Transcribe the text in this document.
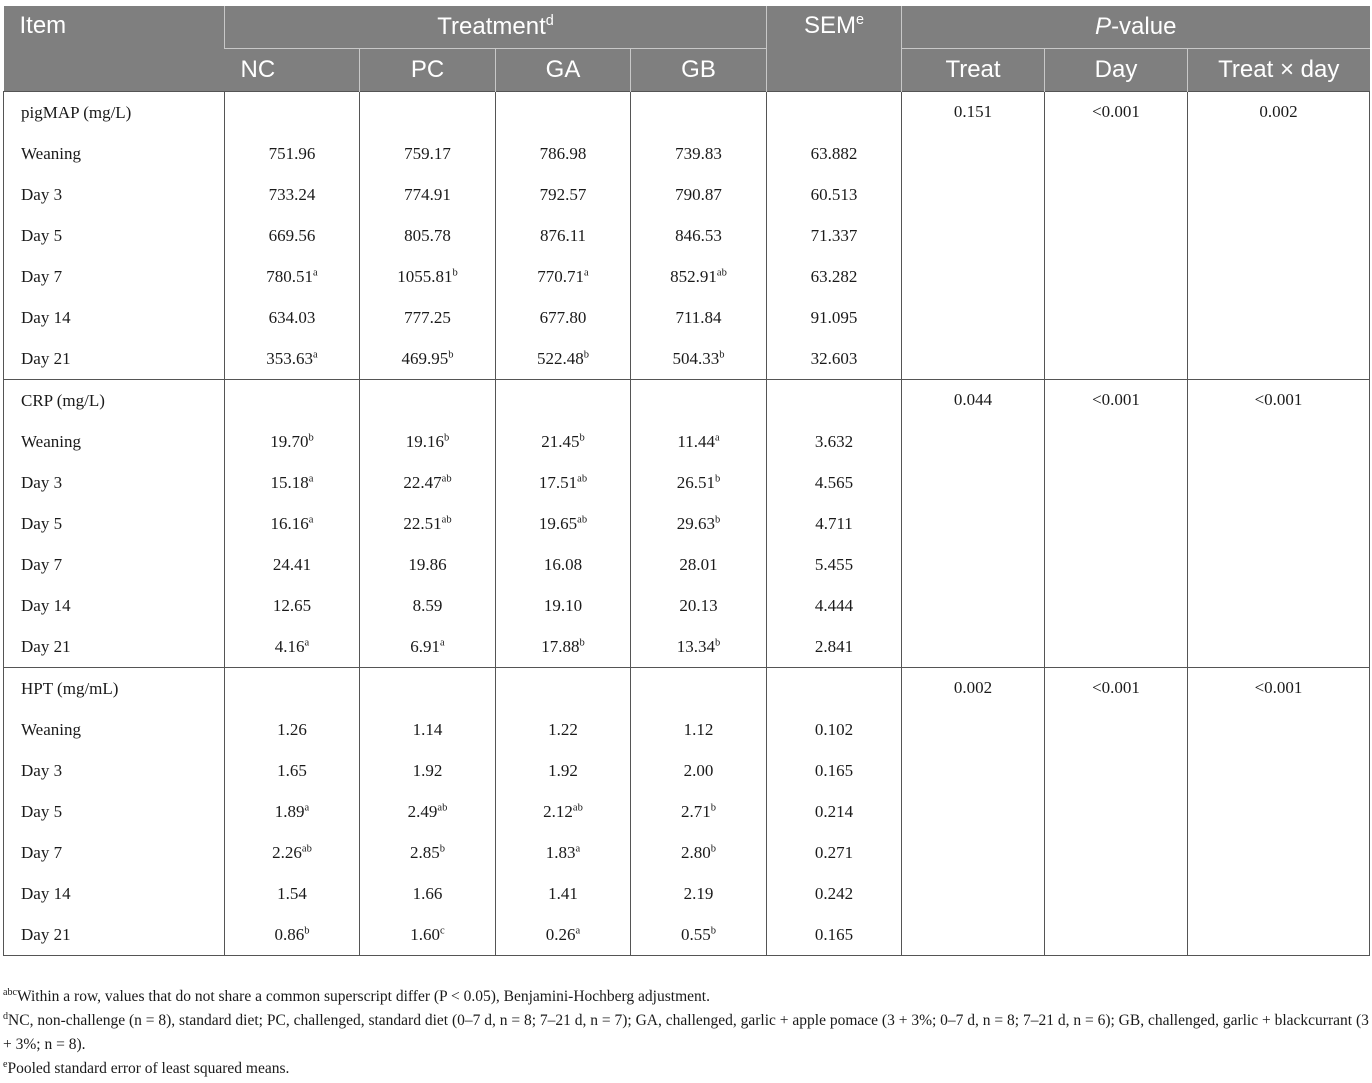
Item	Treatment$^d$				SEM$^e$	P-value		
	NC	PC	GA	GB		Treat	Day	Treat × day
pigMAP (mg/L)						0.151	<0.001	0.002
Weaning	751.96	759.17	786.98	739.83	63.882			
Day 3	733.24	774.91	792.57	790.87	60.513			
Day 5	669.56	805.78	876.11	846.53	71.337			
Day 7	780.51$^a$	1055.81$^b$	770.71$^a$	852.91$^{ab}$	63.282			
Day 14	634.03	777.25	677.80	711.84	91.095			
Day 21	353.63$^a$	469.95$^b$	522.48$^b$	504.33$^b$	32.603			
CRP (mg/L)						0.044	<0.001	<0.001
Weaning	19.70$^b$	19.16$^b$	21.45$^b$	11.44$^a$	3.632			
Day 3	15.18$^a$	22.47$^{ab}$	17.51$^{ab}$	26.51$^b$	4.565			
Day 5	16.16$^a$	22.51$^{ab}$	19.65$^{ab}$	29.63$^b$	4.711			
Day 7	24.41	19.86	16.08	28.01	5.455			
Day 14	12.65	8.59	19.10	20.13	4.444			
Day 21	4.16$^a$	6.91$^a$	17.88$^b$	13.34$^b$	2.841			
HPT (mg/mL)						0.002	<0.001	<0.001
Weaning	1.26	1.14	1.22	1.12	0.102			
Day 3	1.65	1.92	1.92	2.00	0.165			
Day 5	1.89$^a$	2.49$^{ab}$	2.12$^{ab}$	2.71$^b$	0.214			
Day 7	2.26$^{ab}$	2.85$^b$	1.83$^a$	2.80$^b$	0.271			
Day 14	1.54	1.66	1.41	2.19	0.242			
Day 21	0.86$^b$	1.60$^c$	0.26$^a$	0.55$^b$	0.165			

$^{abc}$Within a row, values that do not share a common superscript differ (P < 0.05), Benjamini-Hochberg adjustment.

$^d$NC, non-challenge (n = 8), standard diet; PC, challenged, standard diet (0–7 d, n = 8; 7–21 d, n = 7); GA, challenged, garlic + apple pomace (3 + 3%; 0–7 d, n = 8; 7–21 d, n = 6); GB, challenged, garlic + blackcurrant (3 + 3%; n = 8).

$^e$Pooled standard error of least squared means.
